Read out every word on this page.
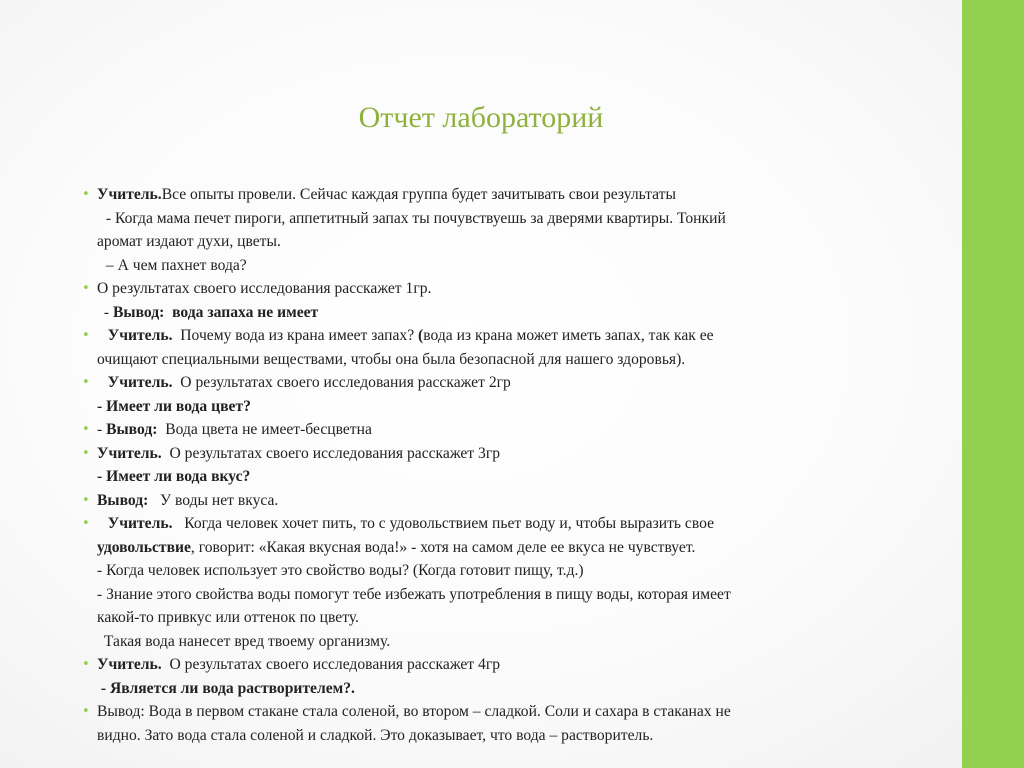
Отчет лабораторий
• Учитель.Все опыты провели. Сейчас каждая группа будет зачитывать свои результаты
- Когда мама печет пироги, аппетитный запах ты почувствуешь за дверями квартиры. Тонкий
аромат издают духи, цветы.
– А чем пахнет вода?
• О результатах своего исследования расскажет 1гр.
- Вывод:  вода запаха не имеет
•   Учитель.  Почему вода из крана имеет запах? (вода из крана может иметь запах, так как ее
очищают специальными веществами, чтобы она была безопасной для нашего здоровья).
•   Учитель.  О результатах своего исследования расскажет 2гр
- Имеет ли вода цвет?
• - Вывод:  Вода цвета не имеет-бесцветна
• Учитель.  О результатах своего исследования расскажет 3гр
- Имеет ли вода вкус?
• Вывод:   У воды нет вкуса.
•   Учитель.   Когда человек хочет пить, то с удовольствием пьет воду и, чтобы выразить свое
удовольствие, говорит: «Какая вкусная вода!» - хотя на самом деле ее вкуса не чувствует.
- Когда человек использует это свойство воды? (Когда готовит пищу, т.д.)
- Знание этого свойства воды помогут тебе избежать употребления в пищу воды, которая имеет
какой-то привкус или оттенок по цвету.
Такая вода нанесет вред твоему организму.
• Учитель.  О результатах своего исследования расскажет 4гр
- Является ли вода растворителем?.
• Вывод: Вода в первом стакане стала соленой, во втором – сладкой. Соли и сахара в стаканах не
видно. Зато вода стала соленой и сладкой. Это доказывает, что вода – растворитель.
